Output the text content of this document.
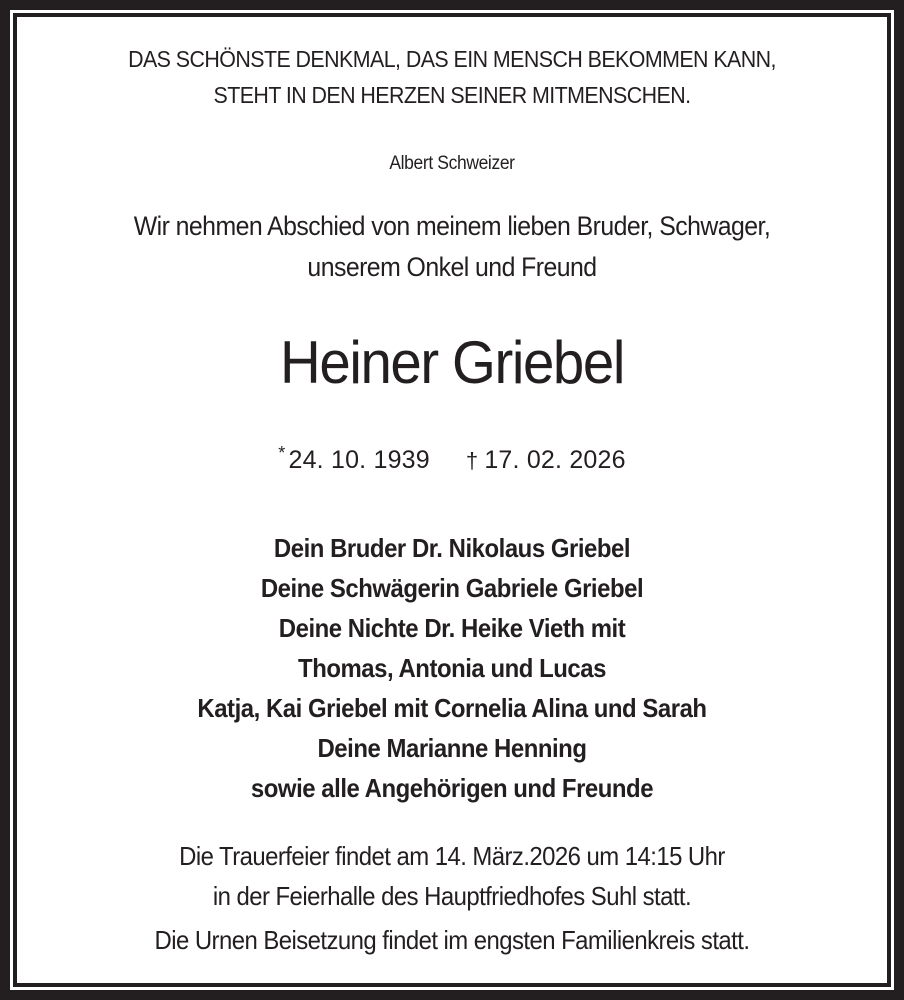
DAS SCHÖNSTE DENKMAL, DAS EIN MENSCH BEKOMMEN KANN,
STEHT IN DEN HERZEN SEINER MITMENSCHEN.
Albert Schweizer
Wir nehmen Abschied von meinem lieben Bruder, Schwager,
unserem Onkel und Freund
Heiner Griebel
* 24. 10. 1939 † 17. 02. 2026
Dein Bruder Dr. Nikolaus Griebel
Deine Schwägerin Gabriele Griebel
Deine Nichte Dr. Heike Vieth mit
Thomas, Antonia und Lucas
Katja, Kai Griebel mit Cornelia Alina und Sarah
Deine Marianne Henning
sowie alle Angehörigen und Freunde
Die Trauerfeier findet am 14. März.2026 um 14:15 Uhr
in der Feierhalle des Hauptfriedhofes Suhl statt.
Die Urnen Beisetzung findet im engsten Familienkreis statt.
